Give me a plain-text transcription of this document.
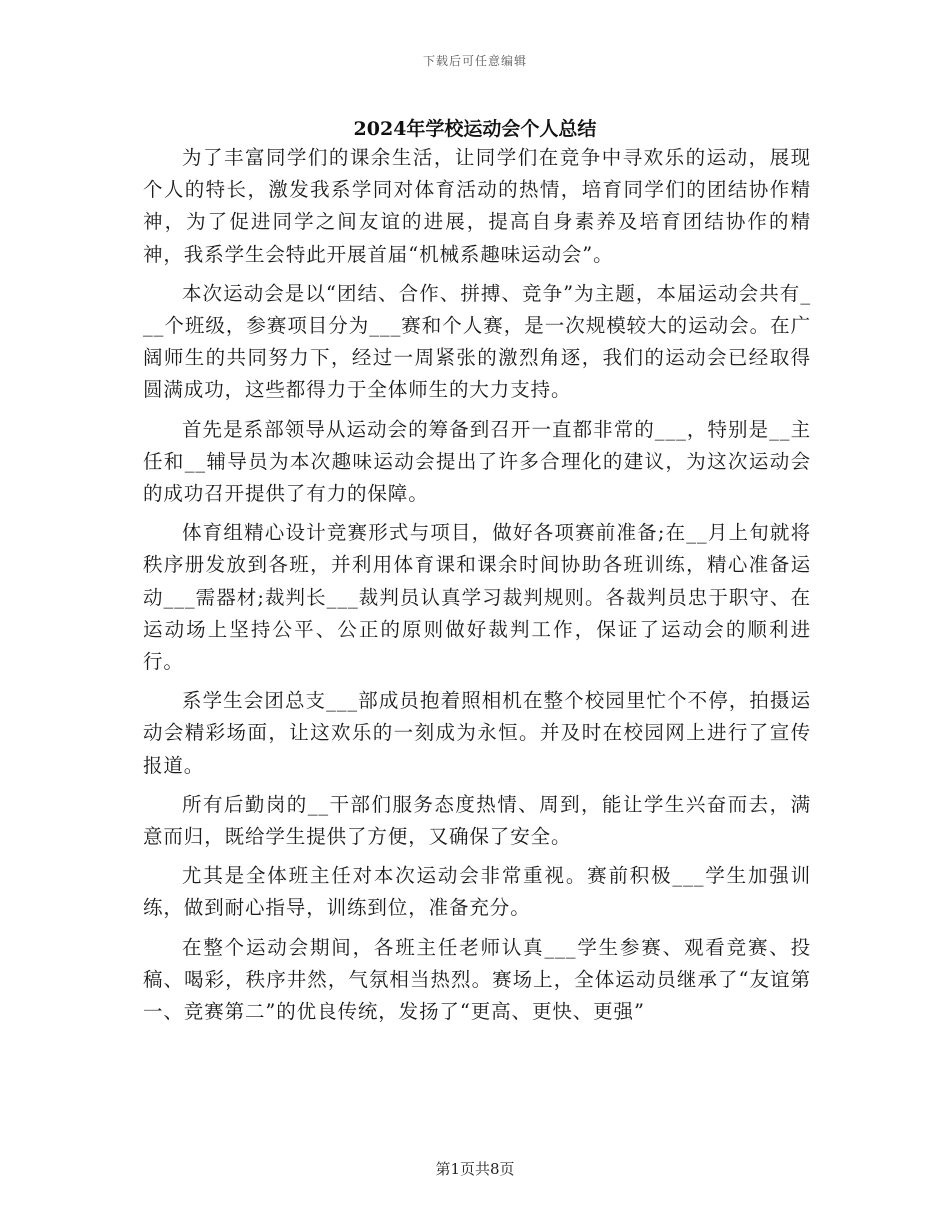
下载后可任意编辑
2024年学校运动会个人总结

为了丰富同学们的课余生活，让同学们在竞争中寻欢乐的运动，展现个人的特长，激发我系学同对体育活动的热情，培育同学们的团结协作精神，为了促进同学之间友谊的进展，提高自身素养及培育团结协作的精神，我系学生会特此开展首届“机械系趣味运动会”。

本次运动会是以“团结、合作、拼搏、竞争”为主题，本届运动会共有___个班级，参赛项目分为___赛和个人赛，是一次规模较大的运动会。在广阔师生的共同努力下，经过一周紧张的激烈角逐，我们的运动会已经取得圆满成功，这些都得力于全体师生的大力支持。

首先是系部领导从运动会的筹备到召开一直都非常的___，特别是__主任和__辅导员为本次趣味运动会提出了许多合理化的建议，为这次运动会的成功召开提供了有力的保障。

体育组精心设计竞赛形式与项目，做好各项赛前准备;在__月上旬就将秩序册发放到各班，并利用体育课和课余时间协助各班训练，精心准备运动___需器材;裁判长___裁判员认真学习裁判规则。各裁判员忠于职守、在运动场上坚持公平、公正的原则做好裁判工作，保证了运动会的顺利进行。

系学生会团总支___部成员抱着照相机在整个校园里忙个不停，拍摄运动会精彩场面，让这欢乐的一刻成为永恒。并及时在校园网上进行了宣传报道。

所有后勤岗的__干部们服务态度热情、周到，能让学生兴奋而去，满意而归，既给学生提供了方便，又确保了安全。

尤其是全体班主任对本次运动会非常重视。赛前积极___学生加强训练，做到耐心指导，训练到位，准备充分。

在整个运动会期间，各班主任老师认真___学生参赛、观看竞赛、投稿、喝彩，秩序井然，气氛相当热烈。赛场上，全体运动员继承了“友谊第一、竞赛第二”的优良传统，发扬了“更高、更快、更强”

第1页共8页
